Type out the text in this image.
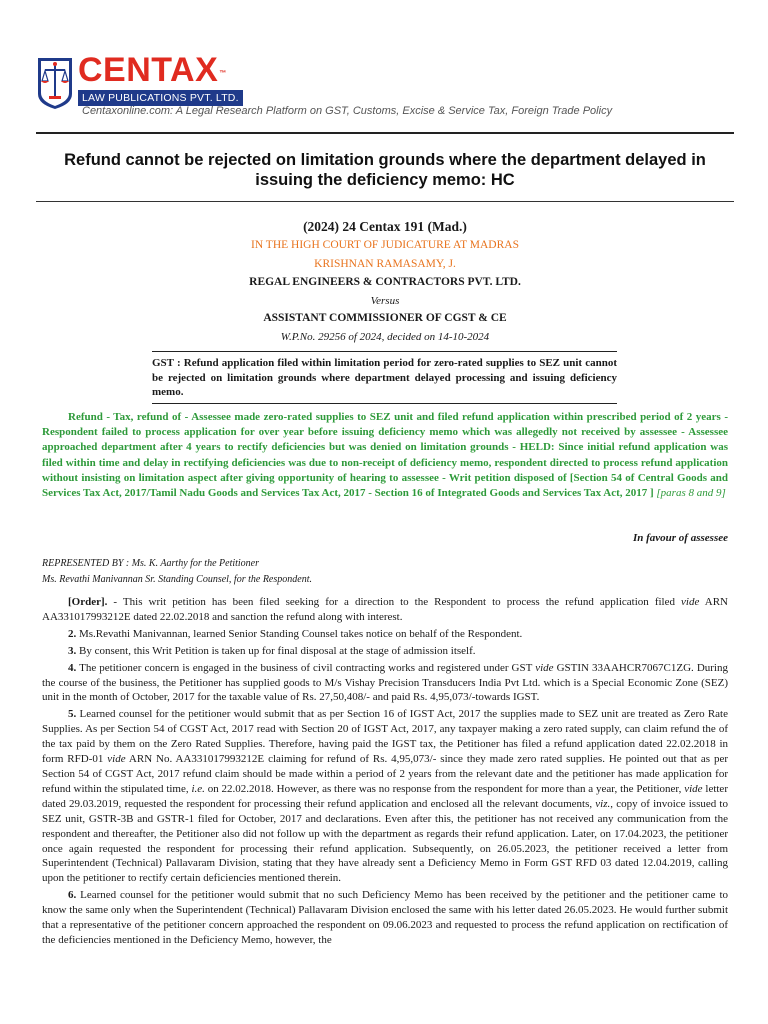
CENTAX™
LAW PUBLICATIONS PVT. LTD.
Centaxonline.com: A Legal Research Platform on GST, Customs, Excise & Service Tax, Foreign Trade Policy
Refund cannot be rejected on limitation grounds where the department delayed in issuing the deficiency memo: HC
(2024) 24 Centax 191 (Mad.)
IN THE HIGH COURT OF JUDICATURE AT MADRAS
KRISHNAN RAMASAMY, J.
REGAL ENGINEERS & CONTRACTORS PVT. LTD.
Versus
ASSISTANT COMMISSIONER OF CGST & CE
W.P.No. 29256 of 2024, decided on 14-10-2024
GST : Refund application filed within limitation period for zero-rated supplies to SEZ unit cannot be rejected on limitation grounds where department delayed processing and issuing deficiency memo.
Refund - Tax, refund of - Assessee made zero-rated supplies to SEZ unit and filed refund application within prescribed period of 2 years - Respondent failed to process application for over year before issuing deficiency memo which was allegedly not received by assessee - Assessee approached department after 4 years to rectify deficiencies but was denied on limitation grounds - HELD: Since initial refund application was filed within time and delay in rectifying deficiencies was due to non-receipt of deficiency memo, respondent directed to process refund application without insisting on limitation aspect after giving opportunity of hearing to assessee - Writ petition disposed of [Section 54 of Central Goods and Services Tax Act, 2017/Tamil Nadu Goods and Services Tax Act, 2017 - Section 16 of Integrated Goods and Services Tax Act, 2017 ] [paras 8 and 9]
In favour of assessee
REPRESENTED BY : Ms. K. Aarthy for the Petitioner
Ms. Revathi Manivannan Sr. Standing Counsel, for the Respondent.

[Order]. - This writ petition has been filed seeking for a direction to the Respondent to process the refund application filed vide ARN AA331017993212E dated 22.02.2018 and sanction the refund along with interest.

2. Ms.Revathi Manivannan, learned Senior Standing Counsel takes notice on behalf of the Respondent.

3. By consent, this Writ Petition is taken up for final disposal at the stage of admission itself.

4. The petitioner concern is engaged in the business of civil contracting works and registered under GST vide GSTIN 33AAHCR7067C1ZG. During the course of the business, the Petitioner has supplied goods to M/s Vishay Precision Transducers India Pvt Ltd. which is a Special Economic Zone (SEZ) unit in the month of October, 2017 for the taxable value of Rs. 27,50,408/- and paid Rs. 4,95,073/-towards IGST.

5. Learned counsel for the petitioner would submit that as per Section 16 of IGST Act, 2017 the supplies made to SEZ unit are treated as Zero Rate Supplies. As per Section 54 of CGST Act, 2017 read with Section 20 of IGST Act, 2017, any taxpayer making a zero rated supply, can claim refund the of the tax paid by them on the Zero Rated Supplies. Therefore, having paid the IGST tax, the Petitioner has filed a refund application dated 22.02.2018 in form RFD-01 vide ARN No. AA331017993212E claiming for refund of Rs. 4,95,073/- since they made zero rated supplies. He pointed out that as per Section 54 of CGST Act, 2017 refund claim should be made within a period of 2 years from the relevant date and the petitioner has made application for refund within the stipulated time, i.e. on 22.02.2018. However, as there was no response from the respondent for more than a year, the Petitioner, vide letter dated 29.03.2019, requested the respondent for processing their refund application and enclosed all the relevant documents, viz., copy of invoice issued to SEZ unit, GSTR-3B and GSTR-1 filed for October, 2017 and declarations. Even after this, the petitioner has not received any communication from the respondent and thereafter, the Petitioner also did not follow up with the department as regards their refund application. Later, on 17.04.2023, the petitioner once again requested the respondent for processing their refund application. Subsequently, on 26.05.2023, the petitioner received a letter from Superintendent (Technical) Pallavaram Division, stating that they have already sent a Deficiency Memo in Form GST RFD 03 dated 12.04.2019, calling upon the petitioner to rectify certain deficiencies mentioned therein.

6. Learned counsel for the petitioner would submit that no such Deficiency Memo has been received by the petitioner and the petitioner came to know the same only when the Superintendent (Technical) Pallavaram Division enclosed the same with his letter dated 26.05.2023. He would further submit that a representative of the petitioner concern approached the respondent on 09.06.2023 and requested to process the refund application on rectification of the deficiencies mentioned in the Deficiency Memo, however, the
